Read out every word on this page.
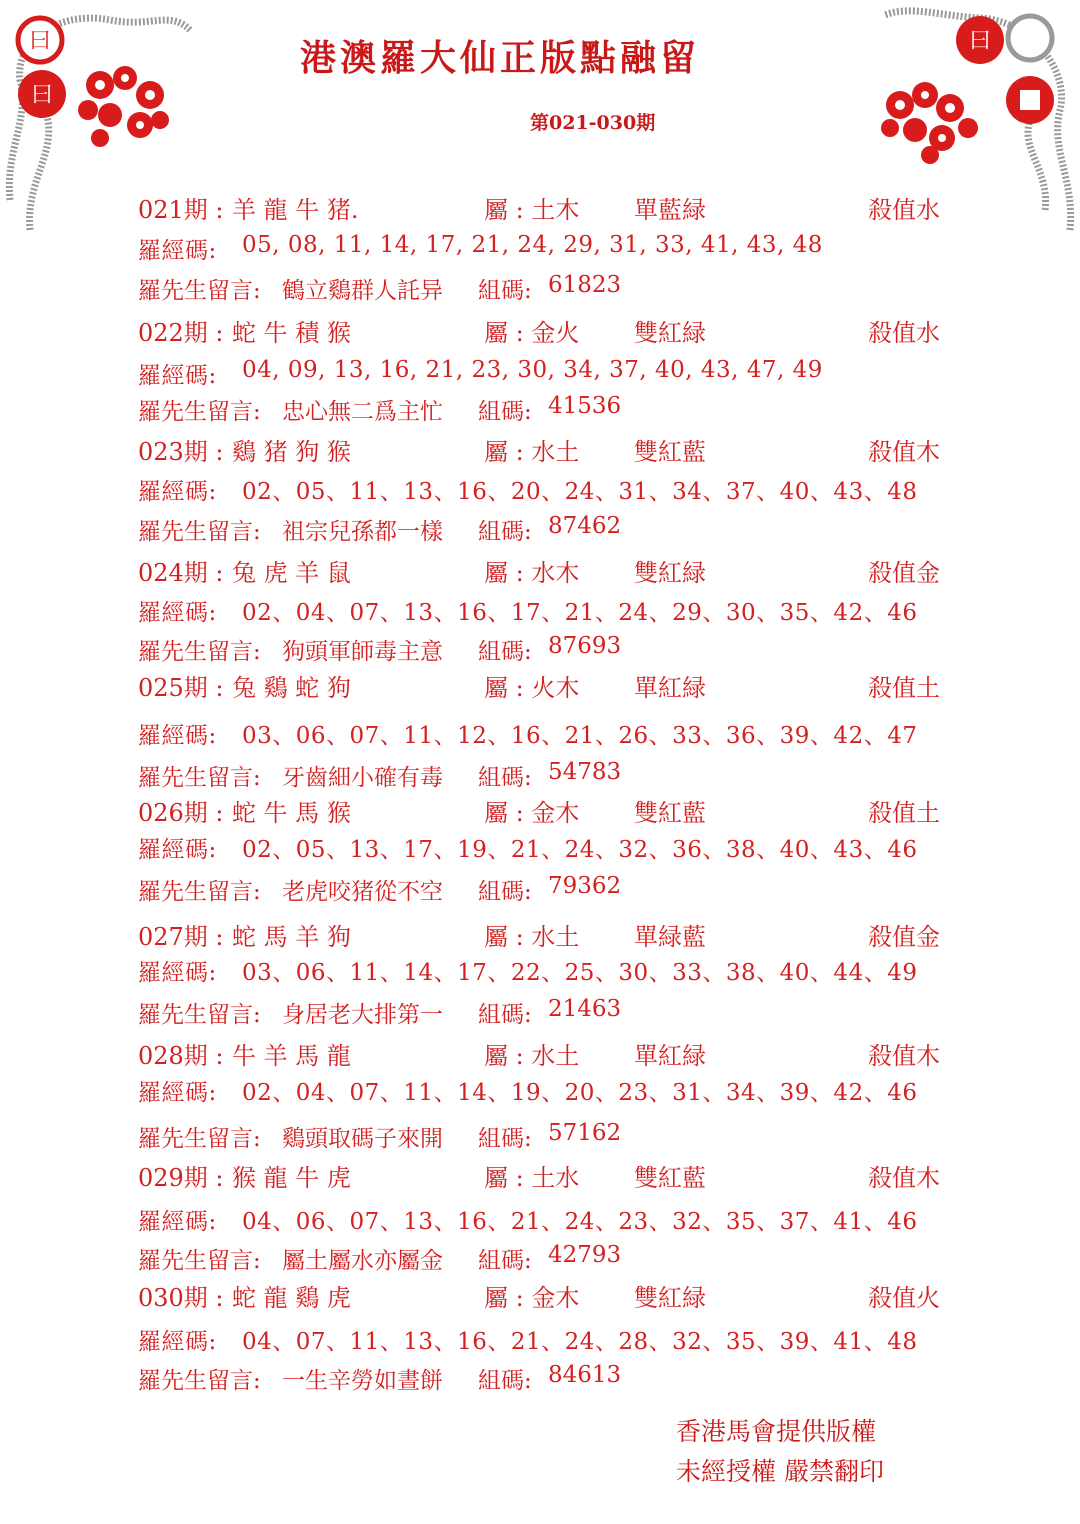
曰
曰
曰
港澳羅大仙正版點融留
第021-030期
021期 : 羊 龍 牛 猪.	屬 : 土木 單藍緑	殺值水
羅經碼: 05, 08, 11, 14, 17, 21, 24, 29, 31, 33, 41, 43, 48
羅先生留言: 鶴立鷄群人託异 組碼: 61823
022期 : 蛇 牛 積 猴	屬 : 金火 雙紅緑	殺值水
羅經碼: 04, 09, 13, 16, 21, 23, 30, 34, 37, 40, 43, 47, 49
羅先生留言: 忠心無二爲主忙 組碼: 41536
023期 : 鷄 猪 狗 猴	屬 : 水土 雙紅藍	殺值木
羅經碼: 02、05、11、13、16、20、24、31、34、37、40、43、48
羅先生留言: 祖宗兒孫都一樣 組碼: 87462
024期 : 兔 虎 羊 鼠	屬 : 水木 雙紅緑	殺值金
羅經碼: 02、04、07、13、16、17、21、24、29、30、35、42、46
羅先生留言: 狗頭軍師毒主意 組碼: 87693
025期 : 兔 鷄 蛇 狗	屬 : 火木 單紅緑	殺值土
羅經碼: 03、06、07、11、12、16、21、26、33、36、39、42、47
羅先生留言: 牙齒細小確有毒 組碼: 54783
026期 : 蛇 牛 馬 猴	屬 : 金木 雙紅藍	殺值土
羅經碼: 02、05、13、17、19、21、24、32、36、38、40、43、46
羅先生留言: 老虎咬猪從不空 組碼: 79362
027期 : 蛇 馬 羊 狗	屬 : 水土 單緑藍	殺值金
羅經碼: 03、06、11、14、17、22、25、30、33、38、40、44、49
羅先生留言: 身居老大排第一 組碼: 21463
028期 : 牛 羊 馬 龍	屬 : 水土 單紅緑	殺值木
羅經碼: 02、04、07、11、14、19、20、23、31、34、39、42、46
羅先生留言: 鷄頭取碼子來開 組碼: 57162
029期 : 猴 龍 牛 虎	屬 : 土水 雙紅藍	殺值木
羅經碼: 04、06、07、13、16、21、24、23、32、35、37、41、46
羅先生留言: 屬土屬水亦屬金 組碼: 42793
030期 : 蛇 龍 鷄 虎	屬 : 金木 雙紅緑	殺值火
羅經碼: 04、07、11、13、16、21、24、28、32、35、39、41、48
羅先生留言: 一生辛勞如晝餅 組碼: 84613
香港馬會提供版權
未經授權 嚴禁翻印
